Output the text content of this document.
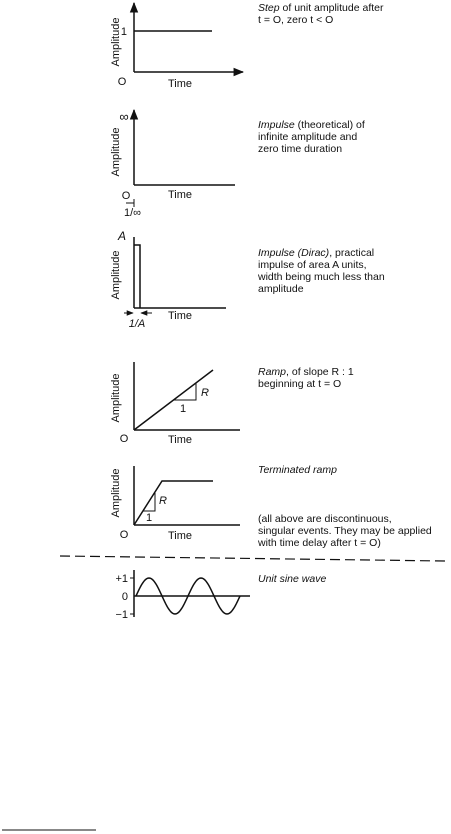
1
O	Time
Amplitude
∞
O	Time
Amplitude
1/∞
A
Time
Amplitude
1/A
R
1
O	Time
Amplitude
R
1
O	Time
Amplitude
+1
0
−1
Step of unit amplitude after
t = O, zero t < O
Impulse (theoretical) of
infinite amplitude and
zero time duration
Impulse (Dirac), practical
impulse of area A units,
width being much less than
amplitude
Ramp, of slope R : 1
beginning at t = O
Terminated ramp
(all above are discontinuous,
singular events. They may be applied
with time delay after t = O)
Unit sine wave
